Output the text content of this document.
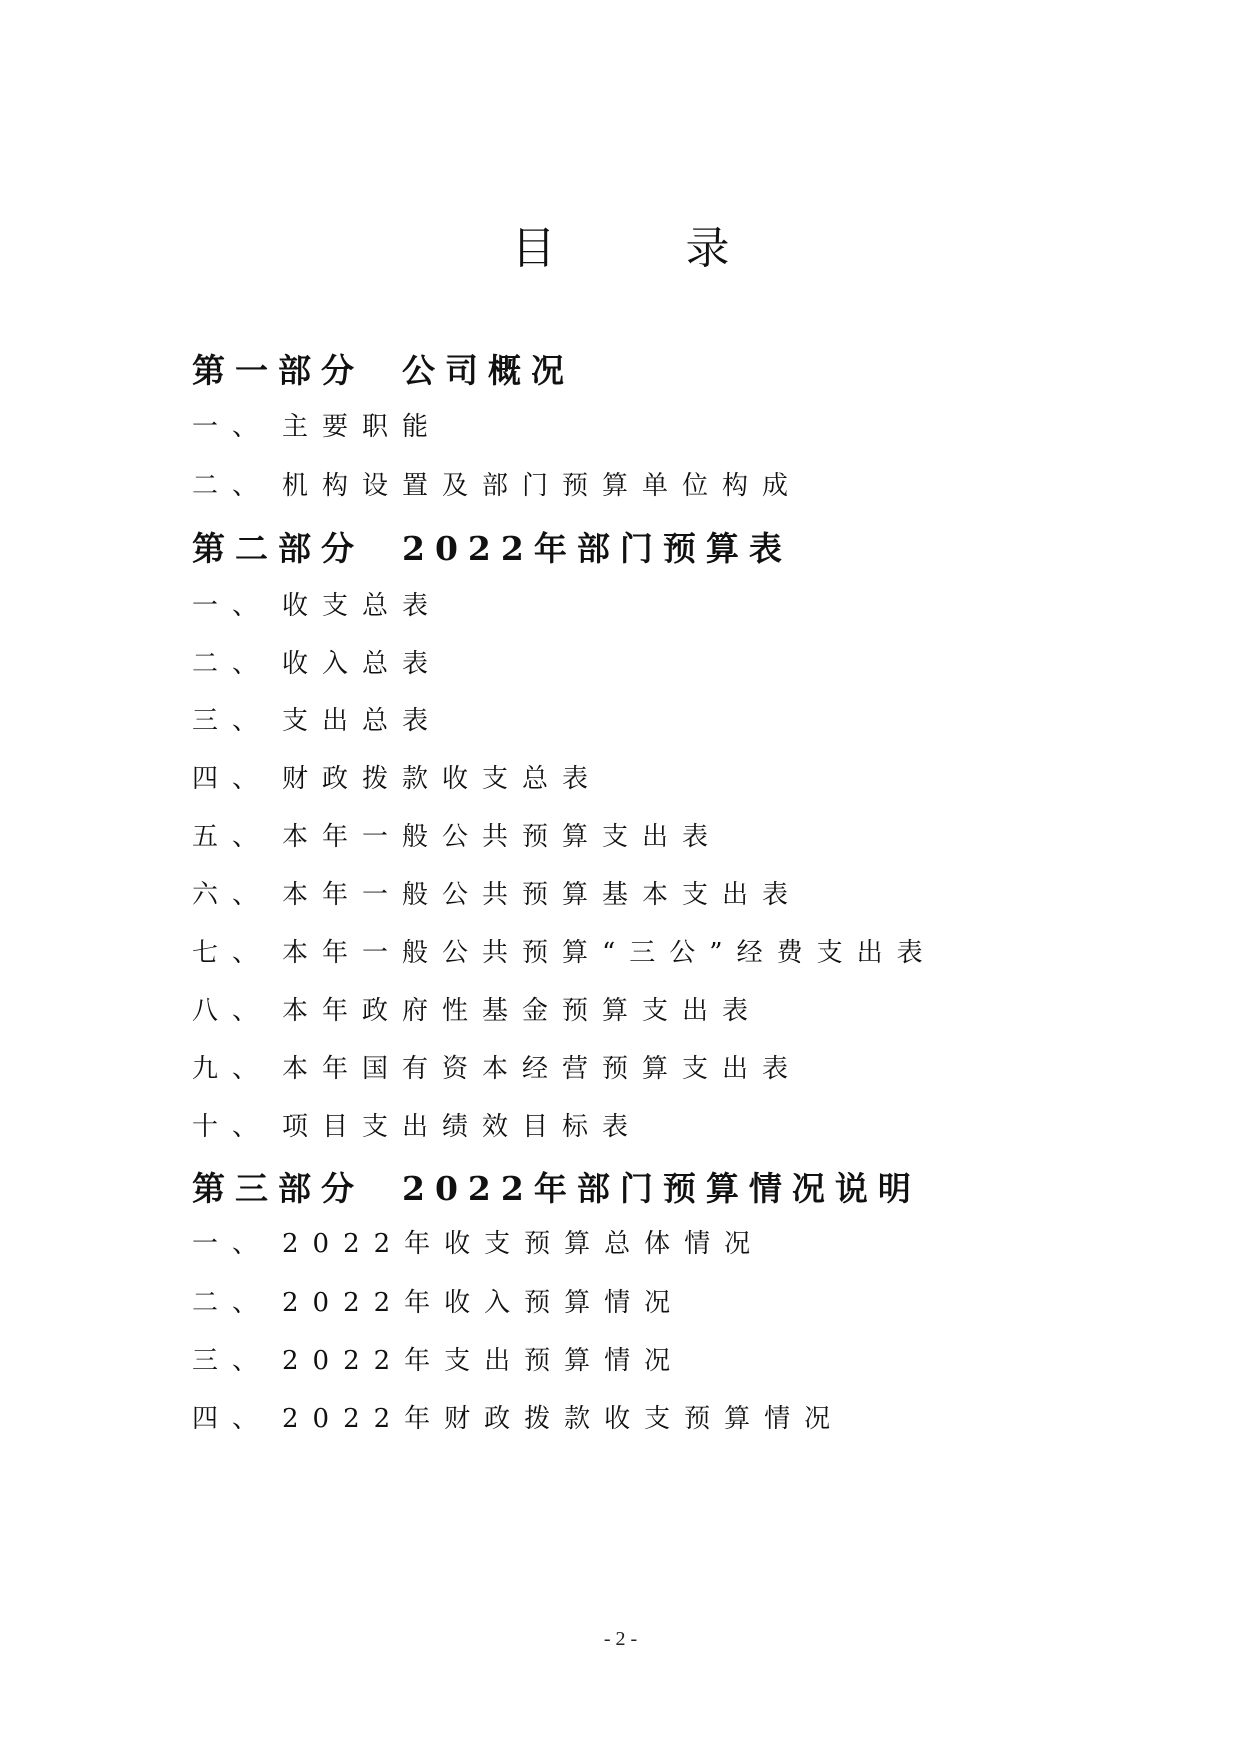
目录
第一部分 公司概况
一、 主要职能
二、 机构设置及部门预算单位构成
第二部分 2022年部门预算表
一、 收支总表
二、 收入总表
三、 支出总表
四、 财政拨款收支总表
五、 本年一般公共预算支出表
六、 本年一般公共预算基本支出表
七、 本年一般公共预算“三公”经费支出表
八、 本年政府性基金预算支出表
九、 本年国有资本经营预算支出表
十、 项目支出绩效目标表
第三部分 2022年部门预算情况说明
一、 2022年收支预算总体情况
二、 2022年收入预算情况
三、 2022年支出预算情况
四、 2022年财政拨款收支预算情况
- 2 -
